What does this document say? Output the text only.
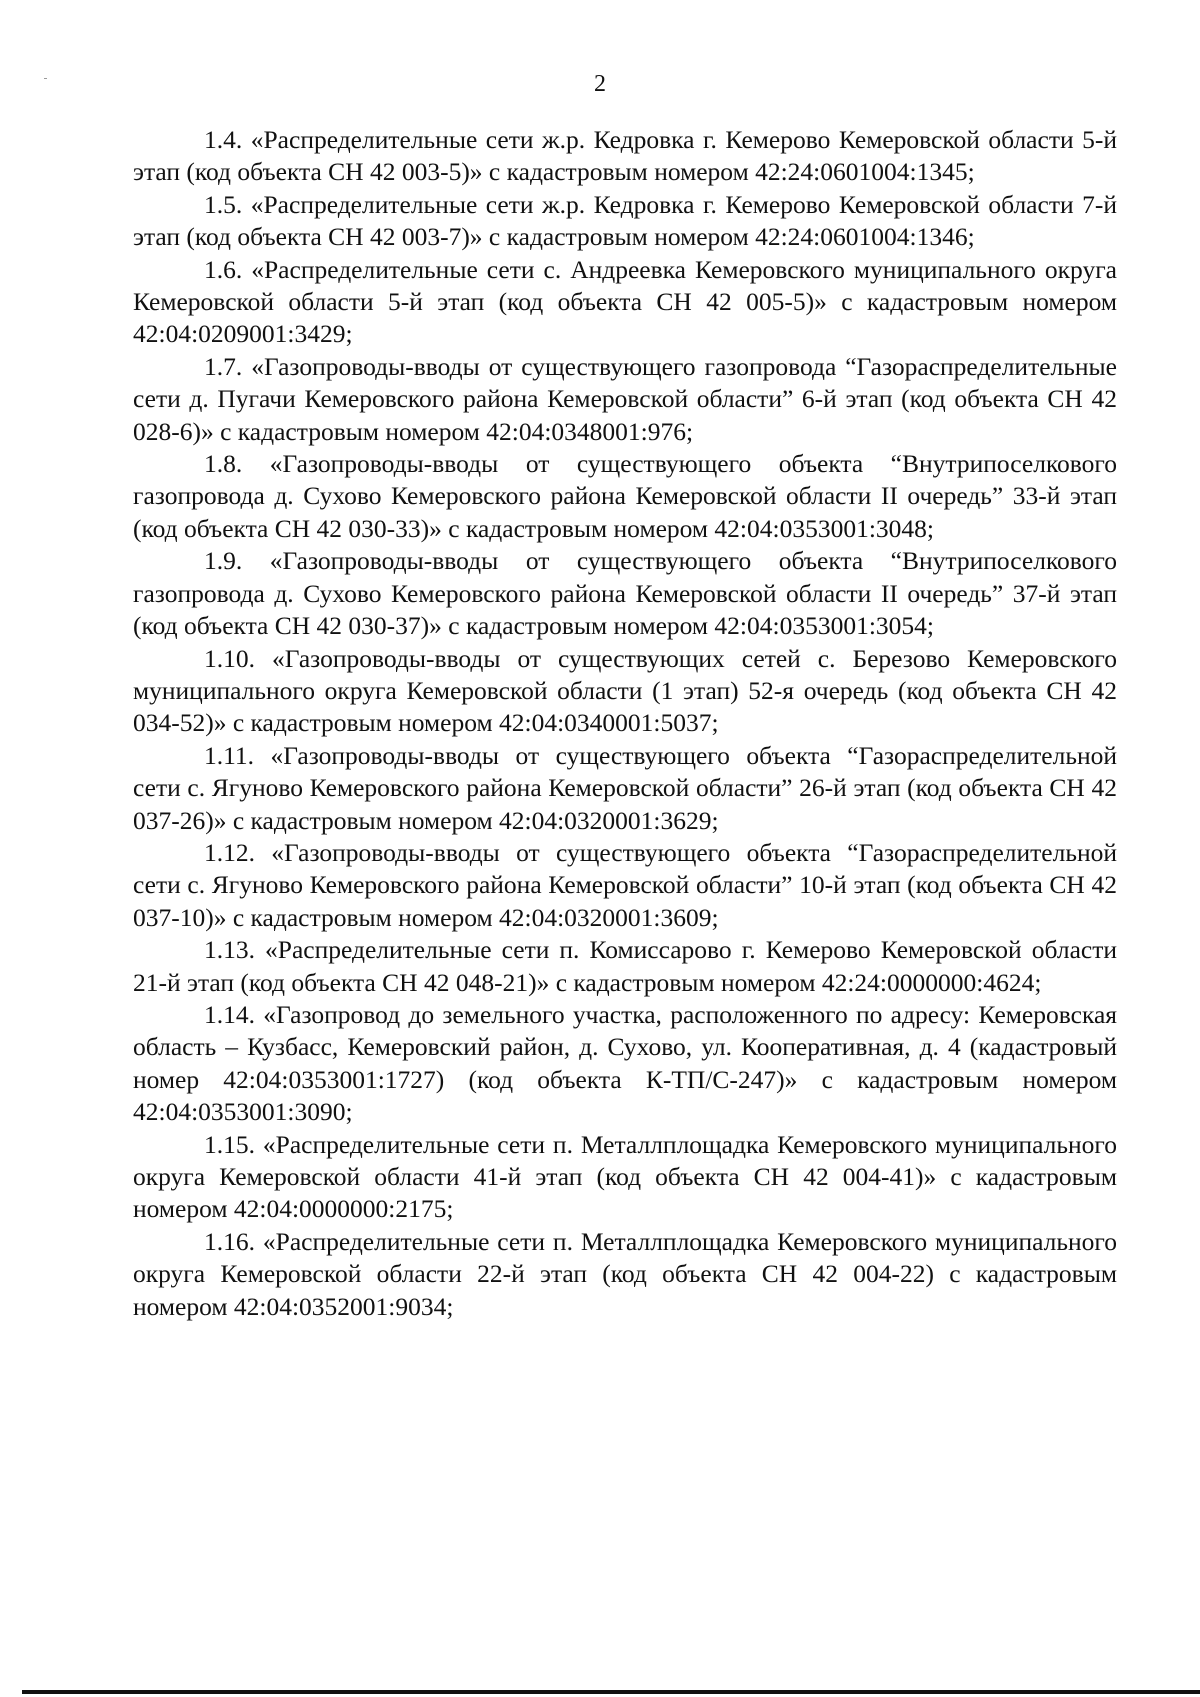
2

1.4. «Распределительные сети ж.р. Кедровка г. Кемерово Кемеровской области 5-й этап (код объекта СН 42 003-5)» с кадастровым номером 42:24:0601004:1345;

1.5. «Распределительные сети ж.р. Кедровка г. Кемерово Кемеровской области 7-й этап (код объекта СН 42 003-7)» с кадастровым номером 42:24:0601004:1346;

1.6. «Распределительные сети с. Андреевка Кемеровского муниципального округа Кемеровской области 5-й этап (код объекта СН 42 005-5)» с кадастровым номером 42:04:0209001:3429;

1.7. «Газопроводы-вводы от существующего газопровода “Газораспределительные сети д. Пугачи Кемеровского района Кемеровской области” 6-й этап (код объекта СН 42 028-6)» с кадастровым номером 42:04:0348001:976;

1.8. «Газопроводы-вводы от существующего объекта “Внутрипоселкового газопровода д. Сухово Кемеровского района Кемеровской области II очередь” 33-й этап (код объекта СН 42 030-33)» с кадастровым номером 42:04:0353001:3048;

1.9. «Газопроводы-вводы от существующего объекта “Внутрипоселкового газопровода д. Сухово Кемеровского района Кемеровской области II очередь” 37-й этап (код объекта СН 42 030-37)» с кадастровым номером 42:04:0353001:3054;

1.10. «Газопроводы-вводы от существующих сетей с. Березово Кемеровского муниципального округа Кемеровской области (1 этап) 52-я очередь (код объекта СН 42 034-52)» с кадастровым номером 42:04:0340001:5037;

1.11. «Газопроводы-вводы от существующего объекта “Газораспределительной сети с. Ягуново Кемеровского района Кемеровской области” 26-й этап (код объекта СН 42 037-26)» с кадастровым номером 42:04:0320001:3629;

1.12. «Газопроводы-вводы от существующего объекта “Газораспределительной сети с. Ягуново Кемеровского района Кемеровской области” 10-й этап (код объекта СН 42 037-10)» с кадастровым номером 42:04:0320001:3609;

1.13. «Распределительные сети п. Комиссарово г. Кемерово Кемеровской области 21-й этап (код объекта СН 42 048-21)» с кадастровым номером 42:24:0000000:4624;

1.14. «Газопровод до земельного участка, расположенного по адресу: Кемеровская область – Кузбасс, Кемеровский район, д. Сухово, ул. Кооперативная, д. 4 (кадастровый номер 42:04:0353001:1727) (код объекта К-ТП/С-247)» с кадастровым номером 42:04:0353001:3090;

1.15. «Распределительные сети п. Металлплощадка Кемеровского муниципального округа Кемеровской области 41-й этап (код объекта СН 42 004-41)» с кадастровым номером 42:04:0000000:2175;

1.16. «Распределительные сети п. Металлплощадка Кемеровского муниципального округа Кемеровской области 22-й этап (код объекта СН 42 004-22) с кадастровым номером 42:04:0352001:9034;
